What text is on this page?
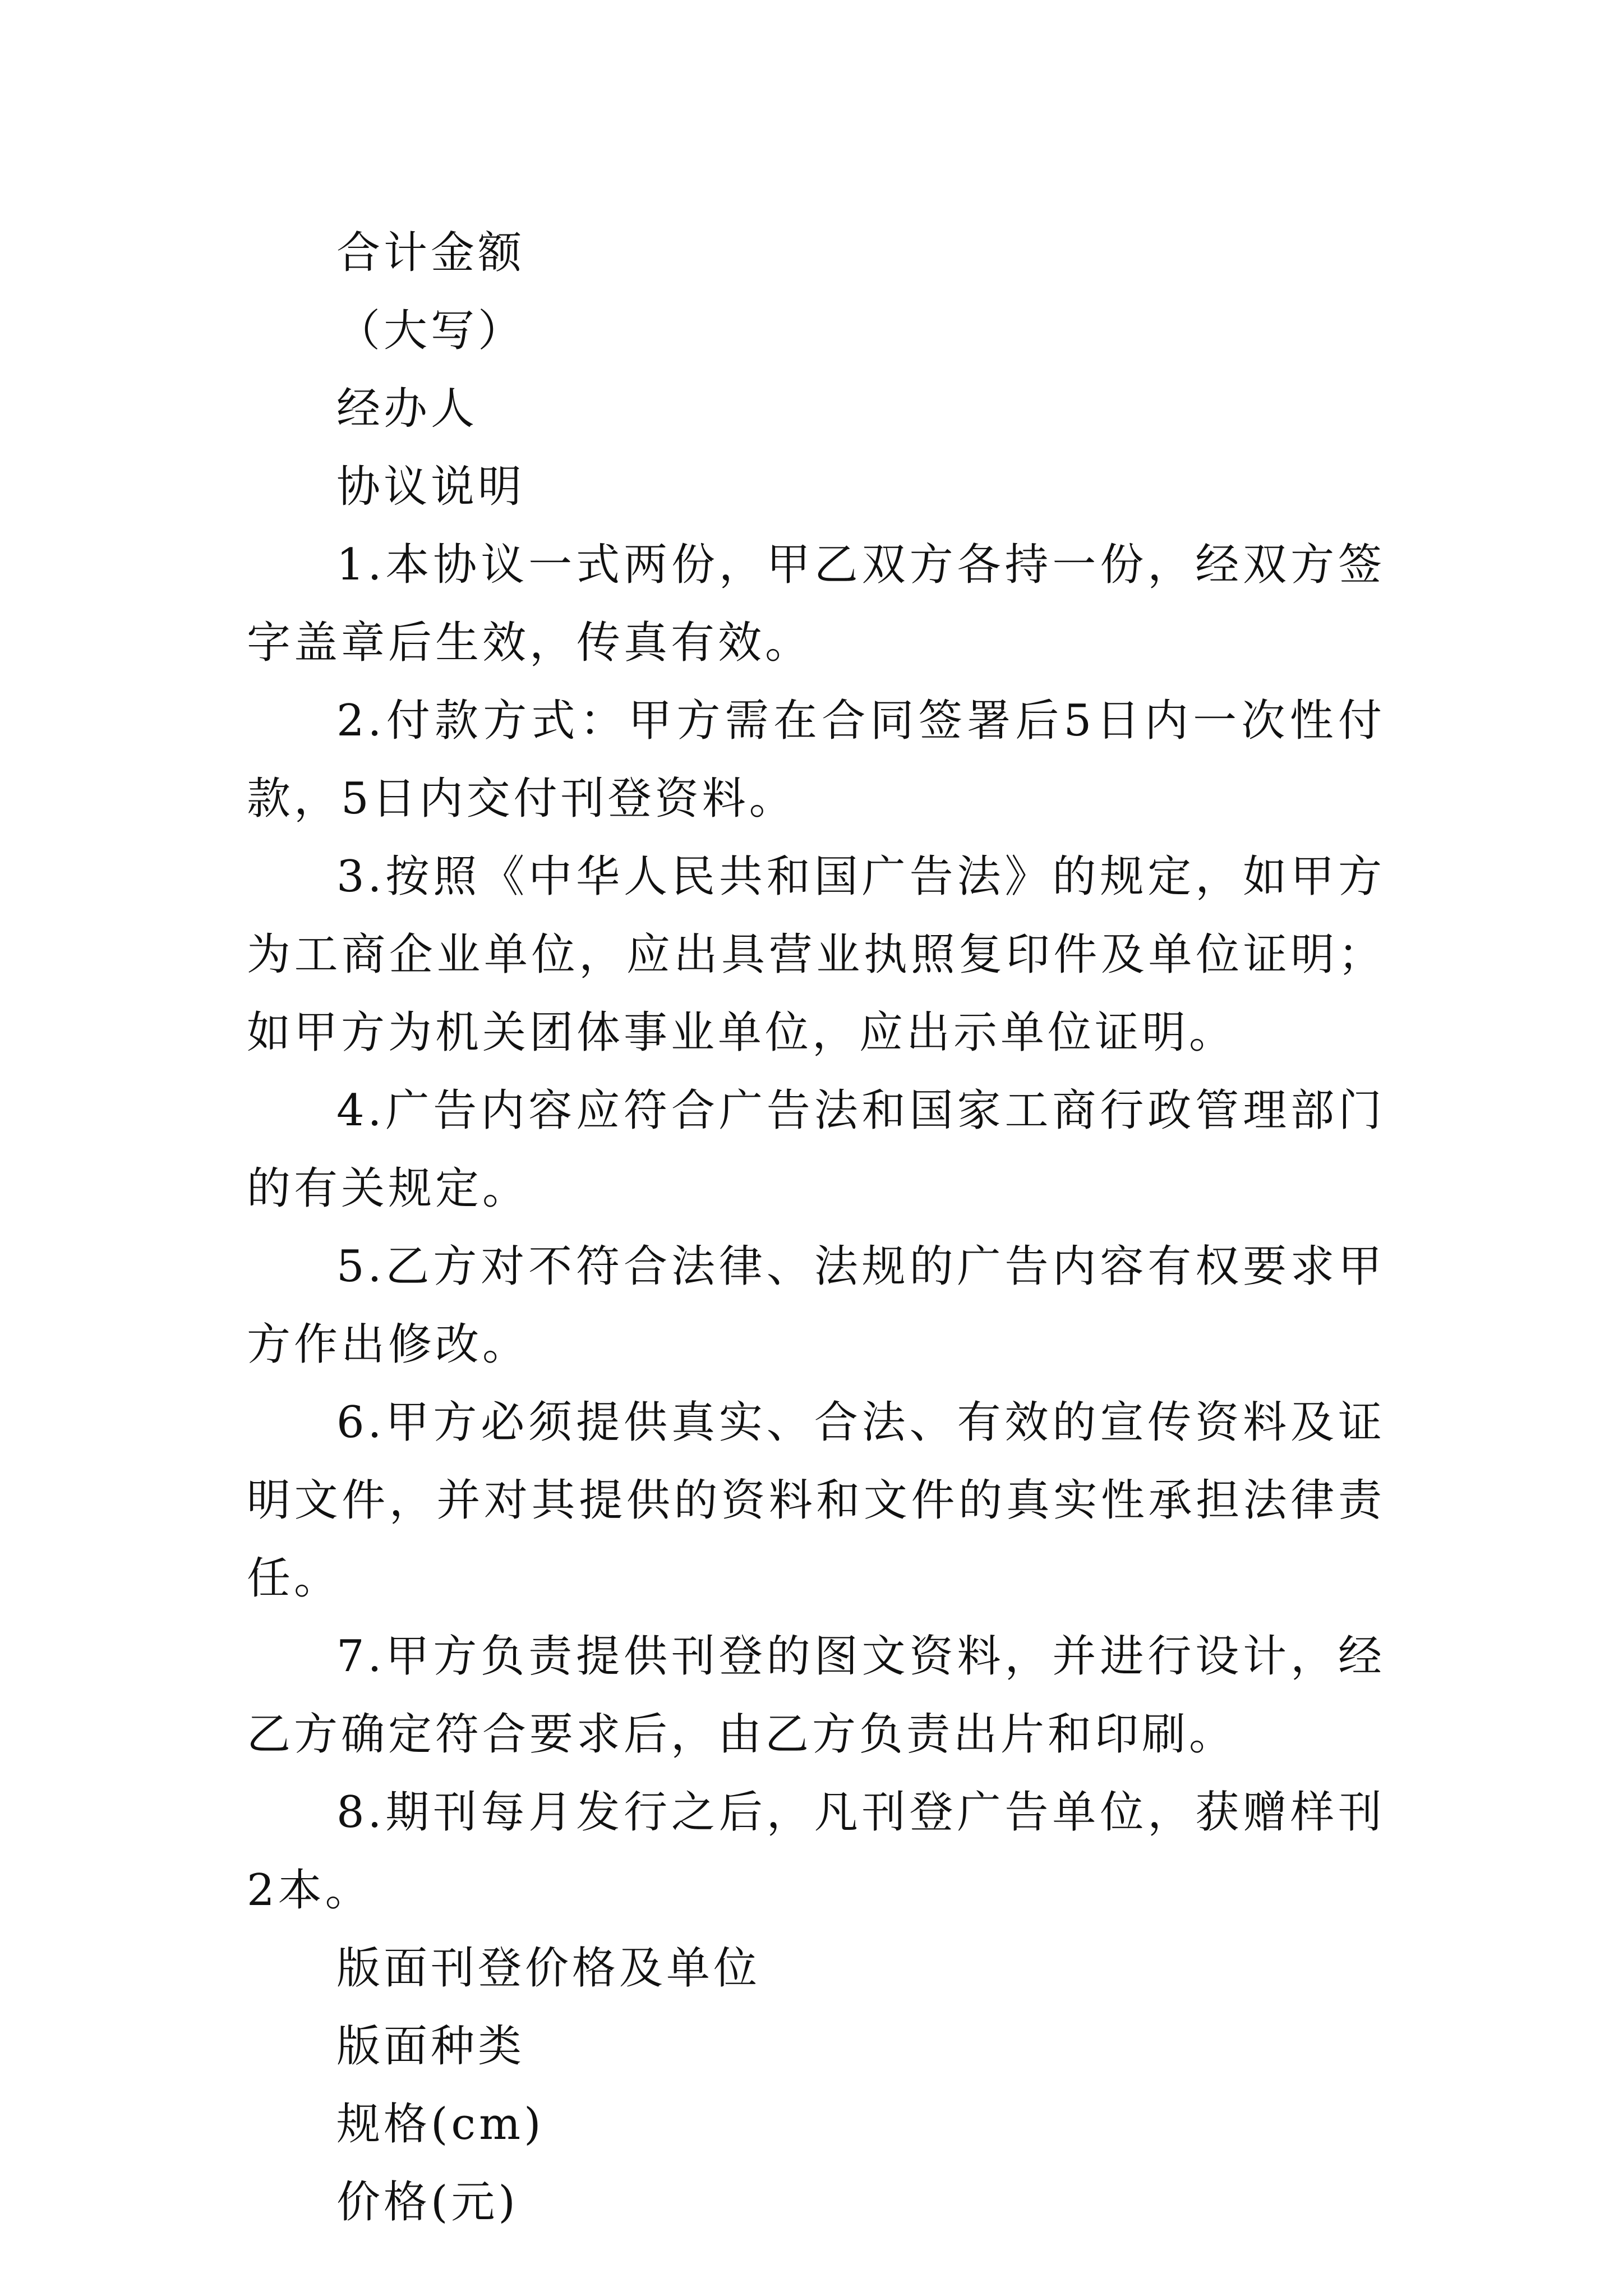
合计金额
（大写）
经办人
协议说明
1.本协议一式两份，甲乙双方各持一份，经双方签字盖章后生效，传真有效。
2.付款方式：甲方需在合同签署后5日内一次性付款，5日内交付刊登资料。
3.按照《中华人民共和国广告法》的规定，如甲方为工商企业单位，应出具营业执照复印件及单位证明；如甲方为机关团体事业单位，应出示单位证明。
4.广告内容应符合广告法和国家工商行政管理部门的有关规定。
5.乙方对不符合法律、法规的广告内容有权要求甲方作出修改。
6.甲方必须提供真实、合法、有效的宣传资料及证明文件，并对其提供的资料和文件的真实性承担法律责任。
7.甲方负责提供刊登的图文资料，并进行设计，经乙方确定符合要求后，由乙方负责出片和印刷。
8.期刊每月发行之后，凡刊登广告单位，获赠样刊2本。
版面刊登价格及单位
版面种类
规格(cm)
价格(元)
